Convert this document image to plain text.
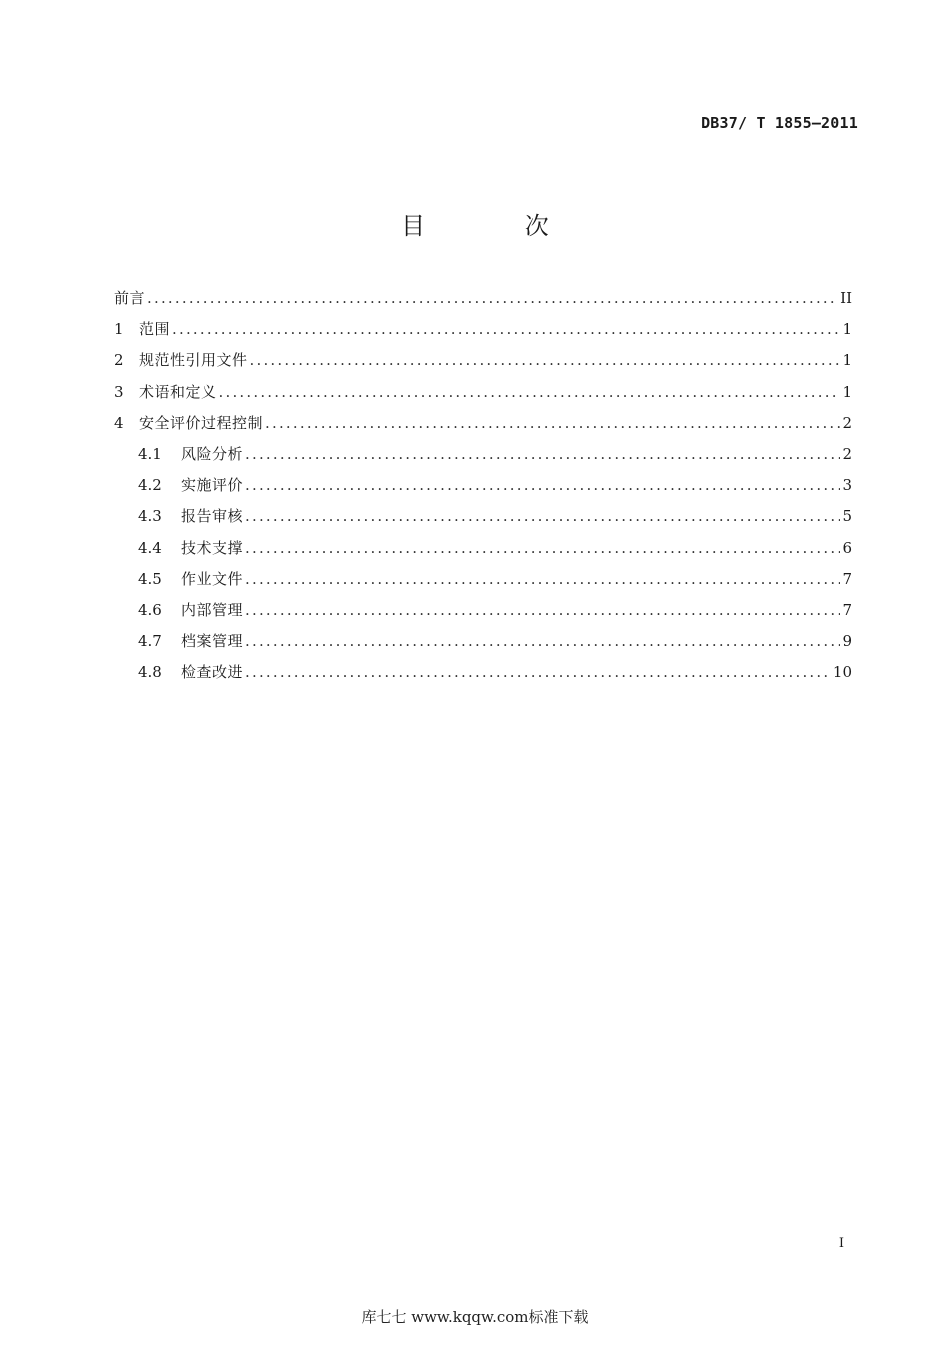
DB37/ T 1855—2011
目 次
前言 .....	II
1	范围 .....	1
2	规范性引用文件 .....	1
3	术语和定义 .....	1
4	安全评价过程控制 .....	2
4.1	风险分析 .....	2
4.2	实施评价 .....	3
4.3	报告审核 .....	5
4.4	技术支撑 .....	6
4.5	作业文件 .....	7
4.6	内部管理 .....	7
4.7	档案管理 .....	9
4.8	检查改进 .....	10
I
库七七 www.kqqw.com标准下载
